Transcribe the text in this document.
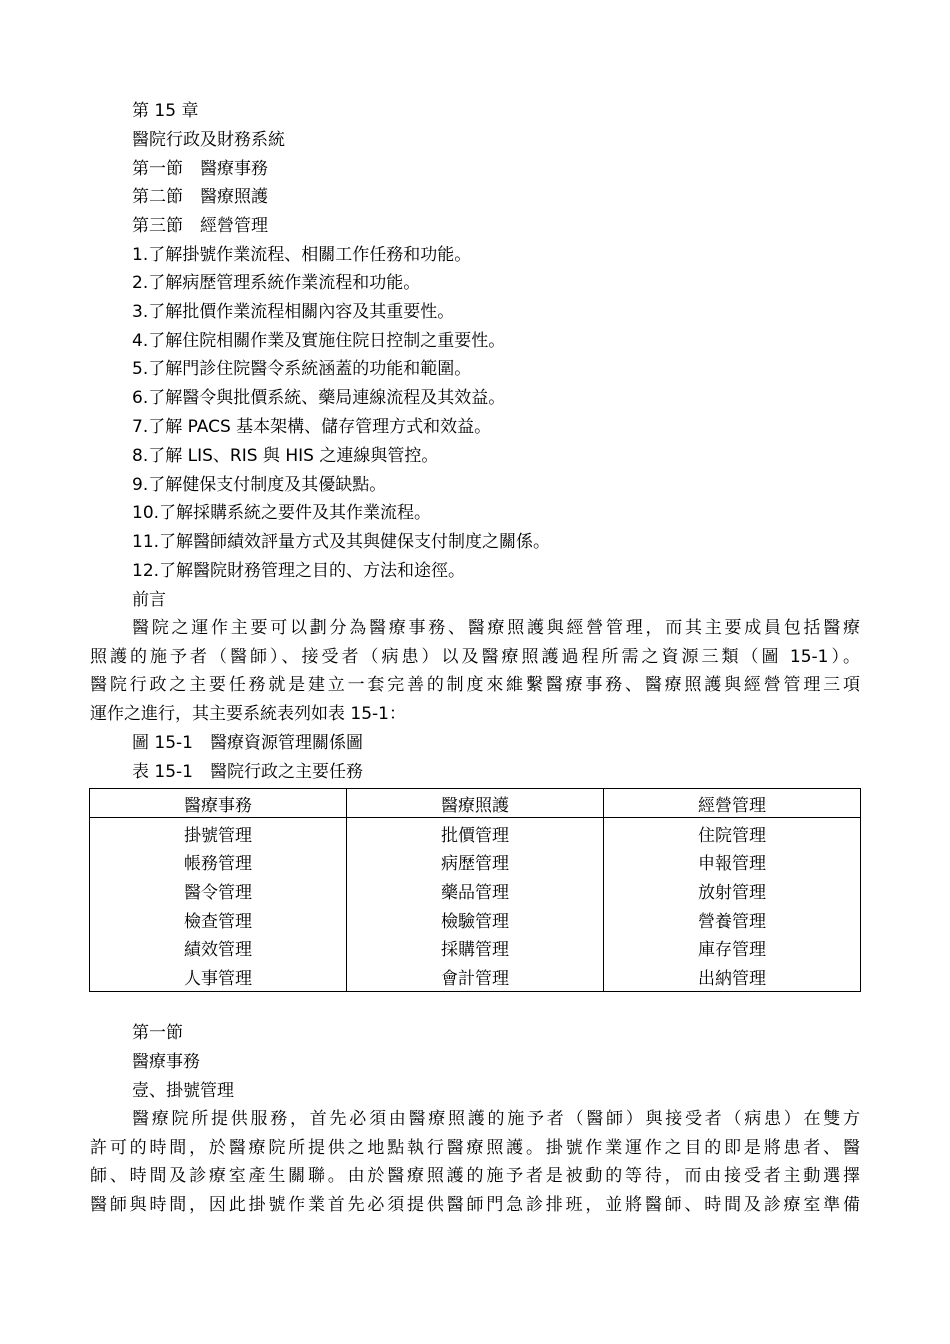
第 15 章
醫院行政及財務系統
第一節　醫療事務
第二節　醫療照護
第三節　經營管理
1.了解掛號作業流程、相關工作任務和功能。
2.了解病歷管理系統作業流程和功能。
3.了解批價作業流程相關內容及其重要性。
4.了解住院相關作業及實施住院日控制之重要性。
5.了解門診住院醫令系統涵蓋的功能和範圍。
6.了解醫令與批價系統、藥局連線流程及其效益。
7.了解 PACS 基本架構、儲存管理方式和效益。
8.了解 LIS、RIS 與 HIS 之連線與管控。
9.了解健保支付制度及其優缺點。
10.了解採購系統之要件及其作業流程。
11.了解醫師績效評量方式及其與健保支付制度之關係。
12.了解醫院財務管理之目的、方法和途徑。
前言
醫院之運作主要可以劃分為醫療事務、醫療照護與經營管理，而其主要成員包括醫療
照護的施予者（醫師）、接受者（病患）以及醫療照護過程所需之資源三類（圖 15-1）。
醫院行政之主要任務就是建立一套完善的制度來維繫醫療事務、醫療照護與經營管理三項
運作之進行，其主要系統表列如表 15-1：
圖 15-1　醫療資源管理關係圖
表 15-1　醫院行政之主要任務
醫療事務	醫療照護	經營管理
掛號管理	批價管理	住院管理
帳務管理	病歷管理	申報管理
醫令管理	藥品管理	放射管理
檢查管理	檢驗管理	營養管理
績效管理	採購管理	庫存管理
人事管理	會計管理	出納管理
第一節
醫療事務
壹、掛號管理
醫療院所提供服務，首先必須由醫療照護的施予者（醫師）與接受者（病患）在雙方
許可的時間，於醫療院所提供之地點執行醫療照護。掛號作業運作之目的即是將患者、醫
師、時間及診療室產生關聯。由於醫療照護的施予者是被動的等待，而由接受者主動選擇
醫師與時間，因此掛號作業首先必須提供醫師門急診排班，並將醫師、時間及診療室準備
